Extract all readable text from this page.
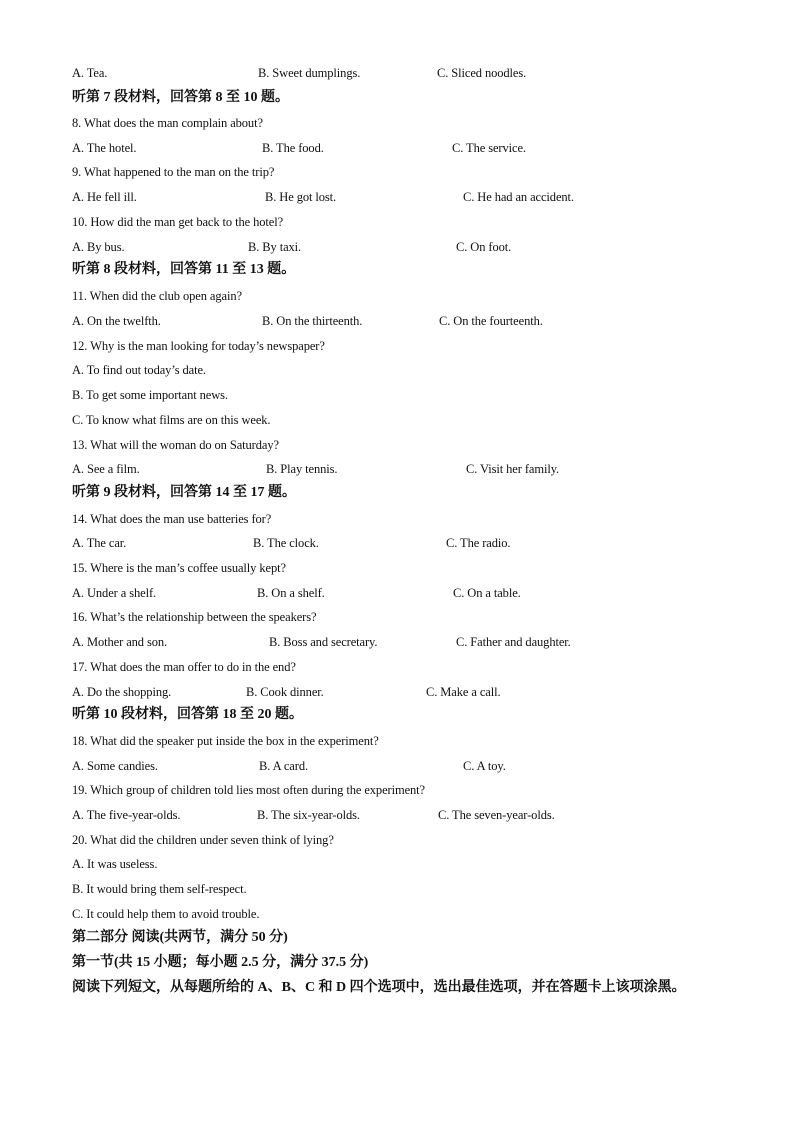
A. Tea.	B. Sweet dumplings.	C. Sliced noodles.
听第 7 段材料，回答第 8 至 10 题。
8. What does the man complain about?
A. The hotel.	B. The food.	C. The service.
9. What happened to the man on the trip?
A. He fell ill.	B. He got lost.	C. He had an accident.
10. How did the man get back to the hotel?
A. By bus.	B. By taxi.	C. On foot.
听第 8 段材料，回答第 11 至 13 题。
11. When did the club open again?
A. On the twelfth.	B. On the thirteenth.	C. On the fourteenth.
12. Why is the man looking for today’s newspaper?
A. To find out today’s date.
B. To get some important news.
C. To know what films are on this week.
13. What will the woman do on Saturday?
A. See a film.	B. Play tennis.	C. Visit her family.
听第 9 段材料，回答第 14 至 17 题。
14. What does the man use batteries for?
A. The car.	B. The clock.	C. The radio.
15. Where is the man’s coffee usually kept?
A. Under a shelf.	B. On a shelf.	C. On a table.
16. What’s the relationship between the speakers?
A. Mother and son.	B. Boss and secretary.	C. Father and daughter.
17. What does the man offer to do in the end?
A. Do the shopping.	B. Cook dinner.	C. Make a call.
听第 10 段材料，回答第 18 至 20 题。
18. What did the speaker put inside the box in the experiment?
A. Some candies.	B. A card.	C. A toy.
19. Which group of children told lies most often during the experiment?
A. The five-year-olds.	B. The six-year-olds.	C. The seven-year-olds.
20. What did the children under seven think of lying?
A. It was useless.
B. It would bring them self-respect.
C. It could help them to avoid trouble.
第二部分 阅读(共两节，满分 50 分)
第一节(共 15 小题；每小题 2.5 分，满分 37.5 分)
阅读下列短文，从每题所给的 A、B、C 和 D 四个选项中，选出最佳选项，并在答题卡上该项涂黑。
